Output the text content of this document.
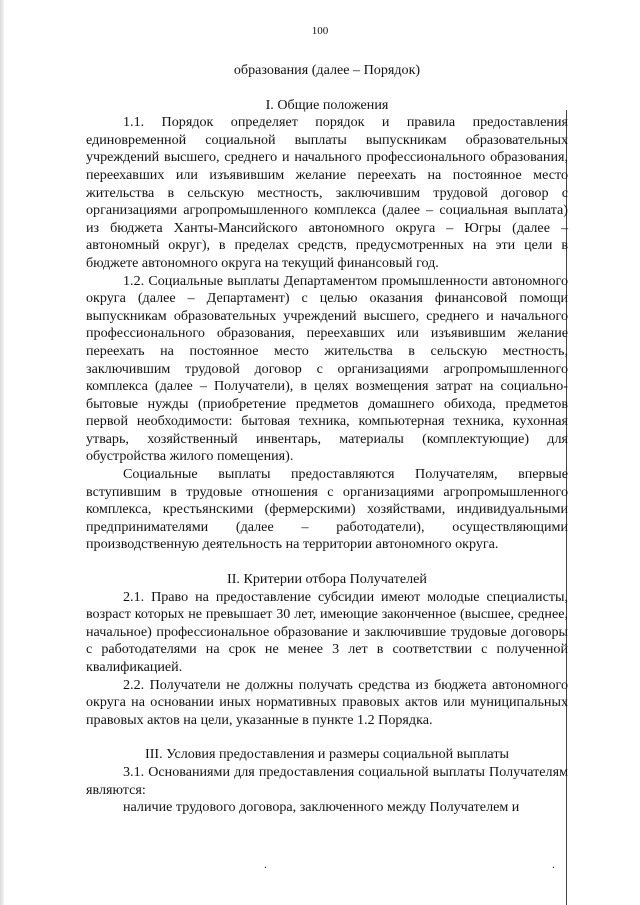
100

образования (далее – Порядок)

I. Общие положения

1.1. Порядок определяет порядок и правила предоставления единовременной социальной выплаты выпускникам образовательных учреждений высшего, среднего и начального профессионального образования, переехавших или изъявившим желание переехать на постоянное место жительства в сельскую местность, заключившим трудовой договор с организациями агропромышленного комплекса (далее – социальная выплата) из бюджета Ханты-Мансийского автономного округа – Югры (далее – автономный округ), в пределах средств, предусмотренных на эти цели в бюджете автономного округа на текущий финансовый год.

1.2. Социальные выплаты Департаментом промышленности автономного округа (далее – Департамент) с целью оказания финансовой помощи выпускникам образовательных учреждений высшего, среднего и начального профессионального образования, переехавших или изъявившим желание переехать на постоянное место жительства в сельскую местность, заключившим трудовой договор с организациями агропромышленного комплекса (далее – Получатели), в целях возмещения затрат на социально-бытовые нужды (приобретение предметов домашнего обихода, предметов первой необходимости: бытовая техника, компьютерная техника, кухонная утварь, хозяйственный инвентарь, материалы (комплектующие) для обустройства жилого помещения).

Социальные выплаты предоставляются Получателям, впервые вступившим в трудовые отношения с организациями агропромышленного комплекса, крестьянскими (фермерскими) хозяйствами, индивидуальными предпринимателями (далее – работодатели), осуществляющими производственную деятельность на территории автономного округа.

II. Критерии отбора Получателей

2.1. Право на предоставление субсидии имеют молодые специалисты, возраст которых не превышает 30 лет, имеющие законченное (высшее, среднее, начальное) профессиональное образование и заключившие трудовые договоры с работодателями на срок не менее 3 лет в соответствии с полученной квалификацией.

2.2. Получатели не должны получать средства из бюджета автономного округа на основании иных нормативных правовых актов или муниципальных правовых актов на цели, указанные в пункте 1.2 Порядка.

III. Условия предоставления и размеры социальной выплаты

3.1. Основаниями для предоставления социальной выплаты Получателям являются:

наличие трудового договора, заключенного между Получателем и

.	.
